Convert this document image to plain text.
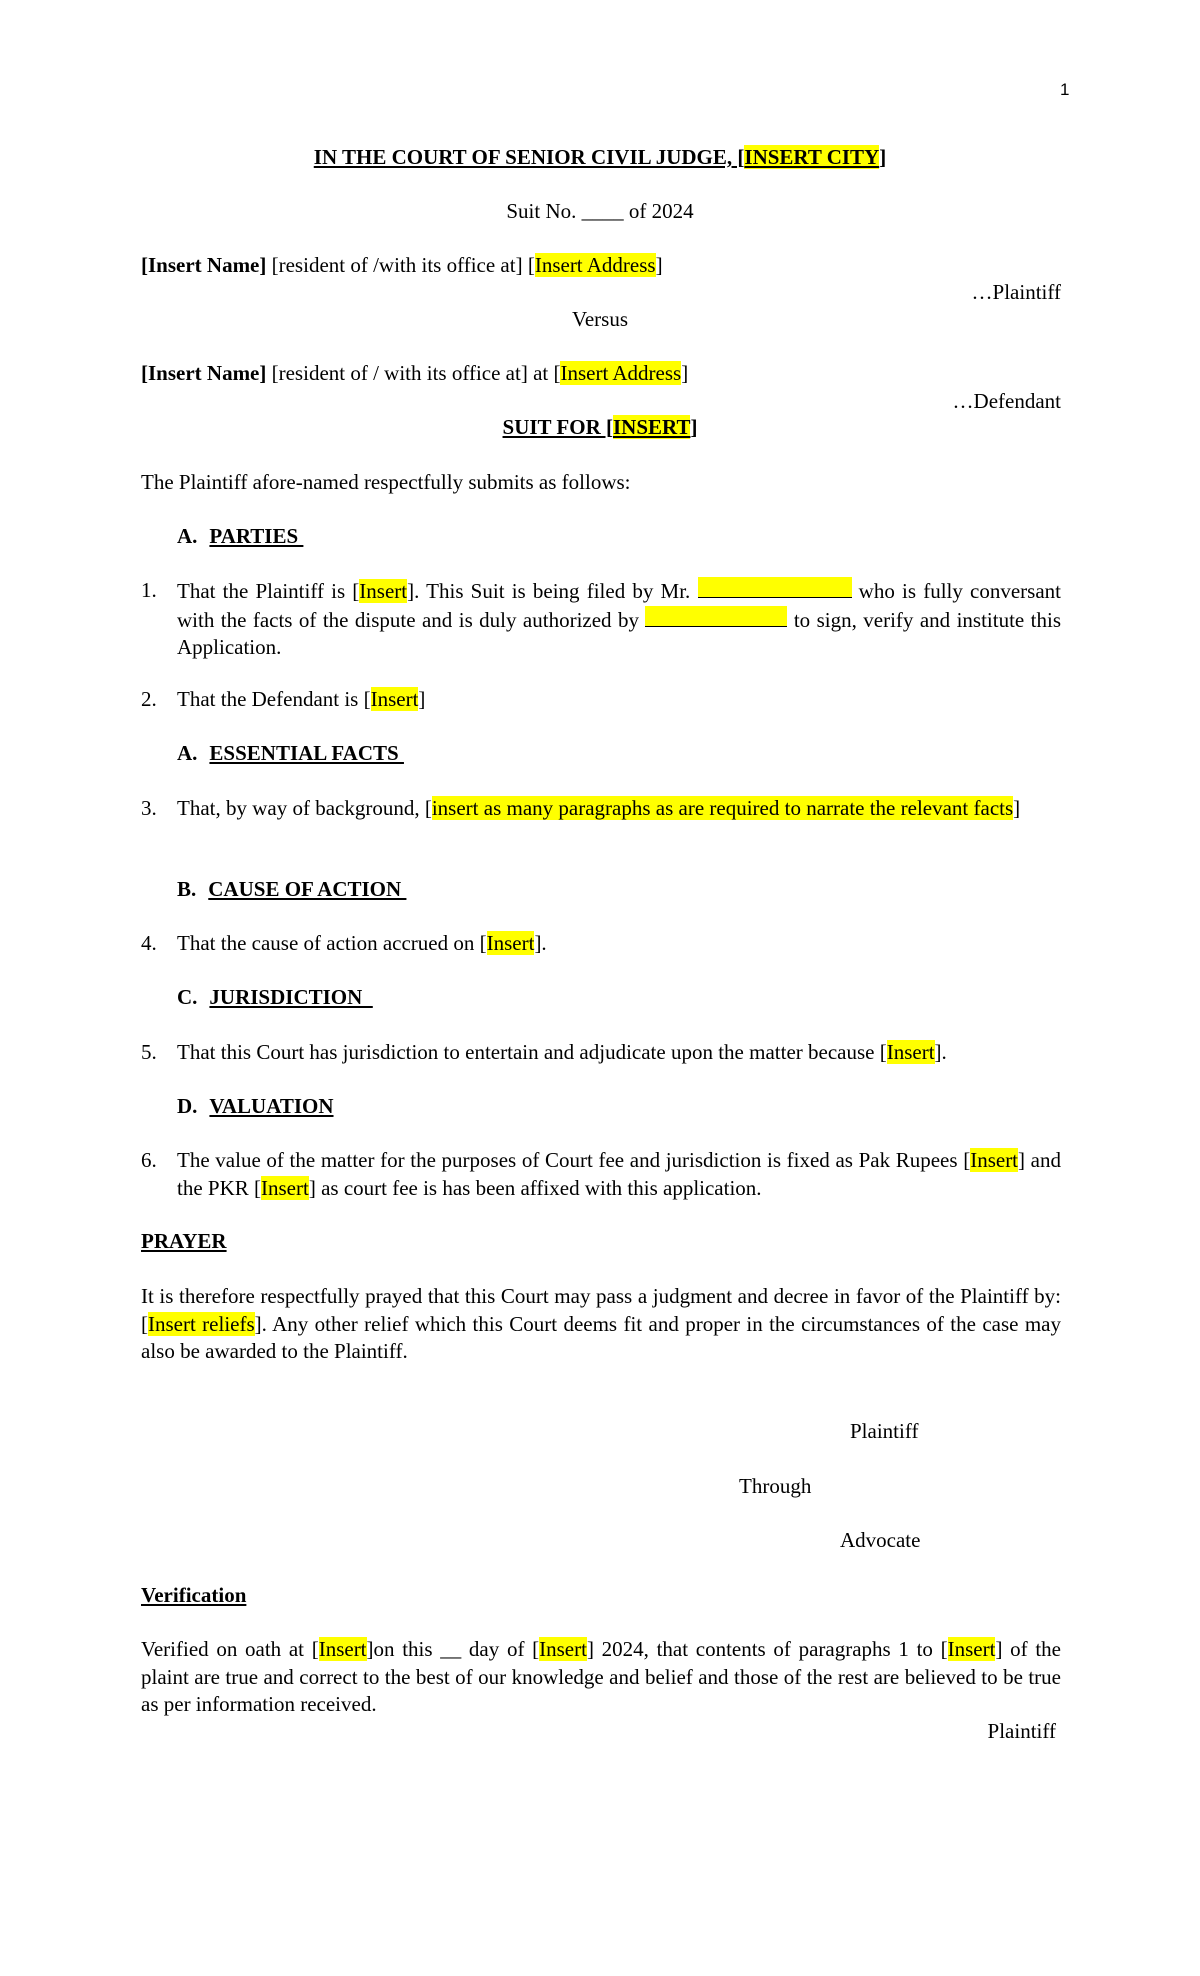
1
IN THE COURT OF SENIOR CIVIL JUDGE, [INSERT CITY]
Suit No. ____ of 2024
[Insert Name] [resident of /with its office at] [Insert Address]
…Plaintiff
Versus
[Insert Name] [resident of / with its office at] at [Insert Address]
…Defendant
SUIT FOR [INSERT]
The Plaintiff afore-named respectfully submits as follows:
A. PARTIES
1. That the Plaintiff is [Insert]. This Suit is being filed by Mr.	who is fully conversant with the facts of the dispute and is duly authorized by	to sign, verify and institute this Application.
2. That the Defendant is [Insert]
A. ESSENTIAL FACTS
3. That, by way of background, [insert as many paragraphs as are required to narrate the relevant facts]
B. CAUSE OF ACTION
4. That the cause of action accrued on [Insert].
C. JURISDICTION
5. That this Court has jurisdiction to entertain and adjudicate upon the matter because [Insert].
D. VALUATION
6. The value of the matter for the purposes of Court fee and jurisdiction is fixed as Pak Rupees [Insert] and the PKR [Insert] as court fee is has been affixed with this application.
PRAYER
It is therefore respectfully prayed that this Court may pass a judgment and decree in favor of the Plaintiff by: [Insert reliefs]. Any other relief which this Court deems fit and proper in the circumstances of the case may also be awarded to the Plaintiff.
Plaintiff
Through
Advocate
Verification
Verified on oath at [Insert]on this __ day of [Insert] 2024, that contents of paragraphs 1 to [Insert] of the plaint are true and correct to the best of our knowledge and belief and those of the rest are believed to be true as per information received.
Plaintiff
